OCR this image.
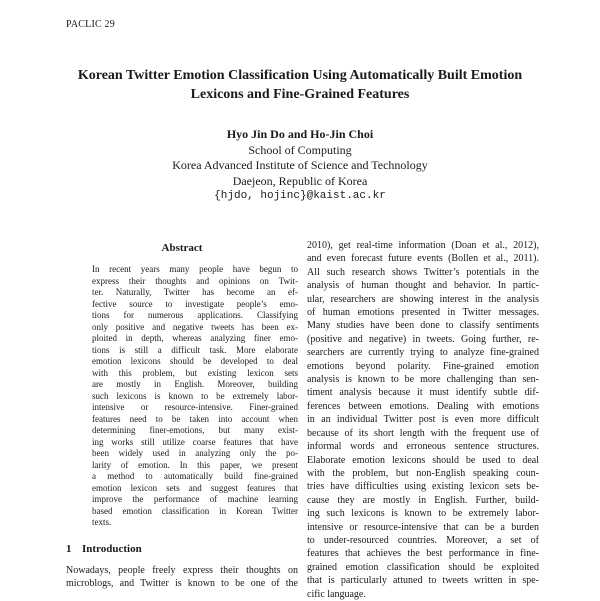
PACLIC 29
Korean Twitter Emotion Classification Using Automatically Built Emotion
Lexicons and Fine-Grained Features
Hyo Jin Do and Ho-Jin Choi
School of Computing
Korea Advanced Institute of Science and Technology
Daejeon, Republic of Korea
{hjdo, hojinc}@kaist.ac.kr
Abstract
In recent years many people have begun to
express their thoughts and opinions on Twit-
ter. Naturally, Twitter has become an ef-
fective source to investigate people’s emo-
tions for numerous applications. Classifying
only positive and negative tweets has been ex-
ploited in depth, whereas analyzing finer emo-
tions is still a difficult task. More elaborate
emotion lexicons should be developed to deal
with this problem, but existing lexicon sets
are mostly in English. Moreover, building
such lexicons is known to be extremely labor-
intensive or resource-intensive. Finer-grained
features need to be taken into account when
determining finer-emotions, but many exist-
ing works still utilize coarse features that have
been widely used in analyzing only the po-
larity of emotion. In this paper, we present
a method to automatically build fine-grained
emotion lexicon sets and suggest features that
improve the performance of machine learning
based emotion classification in Korean Twitter
texts.
1 Introduction
Nowadays, people freely express their thoughts on
microblogs, and Twitter is known to be one of the
2010), get real-time information (Doan et al., 2012),
and even forecast future events (Bollen et al., 2011).
All such research shows Twitter’s potentials in the
analysis of human thought and behavior. In partic-
ular, researchers are showing interest in the analysis
of human emotions presented in Twitter messages.
Many studies have been done to classify sentiments
(positive and negative) in tweets. Going further, re-
searchers are currently trying to analyze fine-grained
emotions beyond polarity. Fine-grained emotion
analysis is known to be more challenging than sen-
timent analysis because it must identify subtle dif-
ferences between emotions. Dealing with emotions
in an individual Twitter post is even more difficult
because of its short length with the frequent use of
informal words and erroneous sentence structures.
Elaborate emotion lexicons should be used to deal
with the problem, but non-English speaking coun-
tries have difficulties using existing lexicon sets be-
cause they are mostly in English. Further, build-
ing such lexicons is known to be extremely labor-
intensive or resource-intensive that can be a burden
to under-resourced countries. Moreover, a set of
features that achieves the best performance in fine-
grained emotion classification should be exploited
that is particularly attuned to tweets written in spe-
cific language.
